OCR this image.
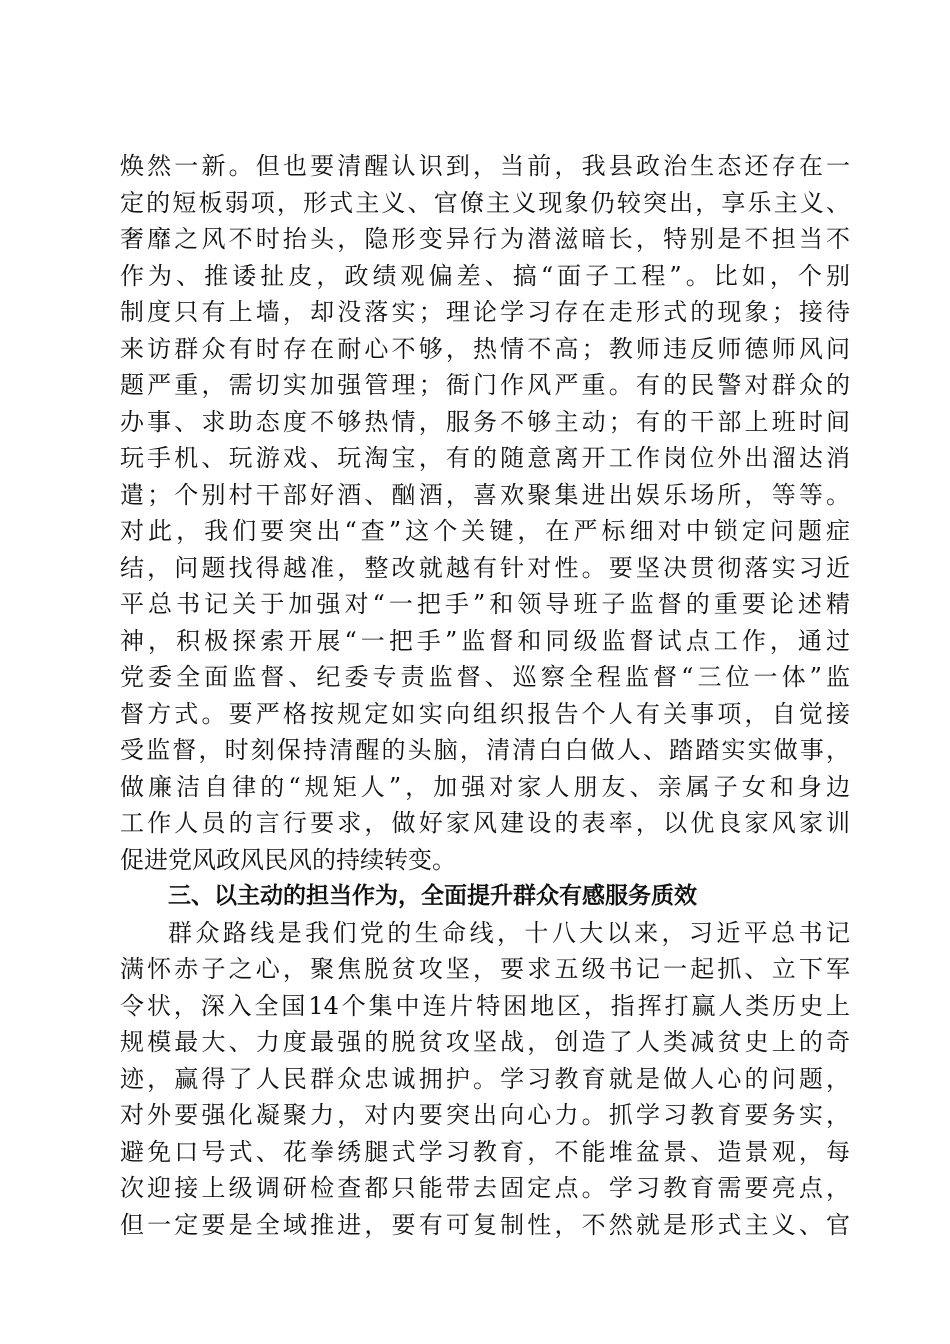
焕然一新。但也要清醒认识到，当前，我县政治生态还存在一
定的短板弱项，形式主义、官僚主义现象仍较突出，享乐主义、
奢靡之风不时抬头，隐形变异行为潜滋暗长，特别是不担当不
作为、推诿扯皮，政绩观偏差、搞“面子工程”。比如，个别
制度只有上墙，却没落实；理论学习存在走形式的现象；接待
来访群众有时存在耐心不够，热情不高；教师违反师德师风问
题严重，需切实加强管理；衙门作风严重。有的民警对群众的
办事、求助态度不够热情，服务不够主动；有的干部上班时间
玩手机、玩游戏、玩淘宝，有的随意离开工作岗位外出溜达消
遣；个别村干部好酒、酗酒，喜欢聚集进出娱乐场所，等等。
对此，我们要突出“查”这个关键，在严标细对中锁定问题症
结，问题找得越准，整改就越有针对性。要坚决贯彻落实习近
平总书记关于加强对“一把手”和领导班子监督的重要论述精
神，积极探索开展“一把手”监督和同级监督试点工作，通过
党委全面监督、纪委专责监督、巡察全程监督“三位一体”监
督方式。要严格按规定如实向组织报告个人有关事项，自觉接
受监督，时刻保持清醒的头脑，清清白白做人、踏踏实实做事，
做廉洁自律的“规矩人”，加强对家人朋友、亲属子女和身边
工作人员的言行要求，做好家风建设的表率，以优良家风家训
促进党风政风民风的持续转变。
三、以主动的担当作为，全面提升群众有感服务质效
群众路线是我们党的生命线，十八大以来，习近平总书记
满怀赤子之心，聚焦脱贫攻坚，要求五级书记一起抓、立下军
令状，深入全国14个集中连片特困地区，指挥打赢人类历史上
规模最大、力度最强的脱贫攻坚战，创造了人类减贫史上的奇
迹，赢得了人民群众忠诚拥护。学习教育就是做人心的问题，
对外要强化凝聚力，对内要突出向心力。抓学习教育要务实，
避免口号式、花拳绣腿式学习教育，不能堆盆景、造景观，每
次迎接上级调研检查都只能带去固定点。学习教育需要亮点，
但一定要是全域推进，要有可复制性，不然就是形式主义、官
